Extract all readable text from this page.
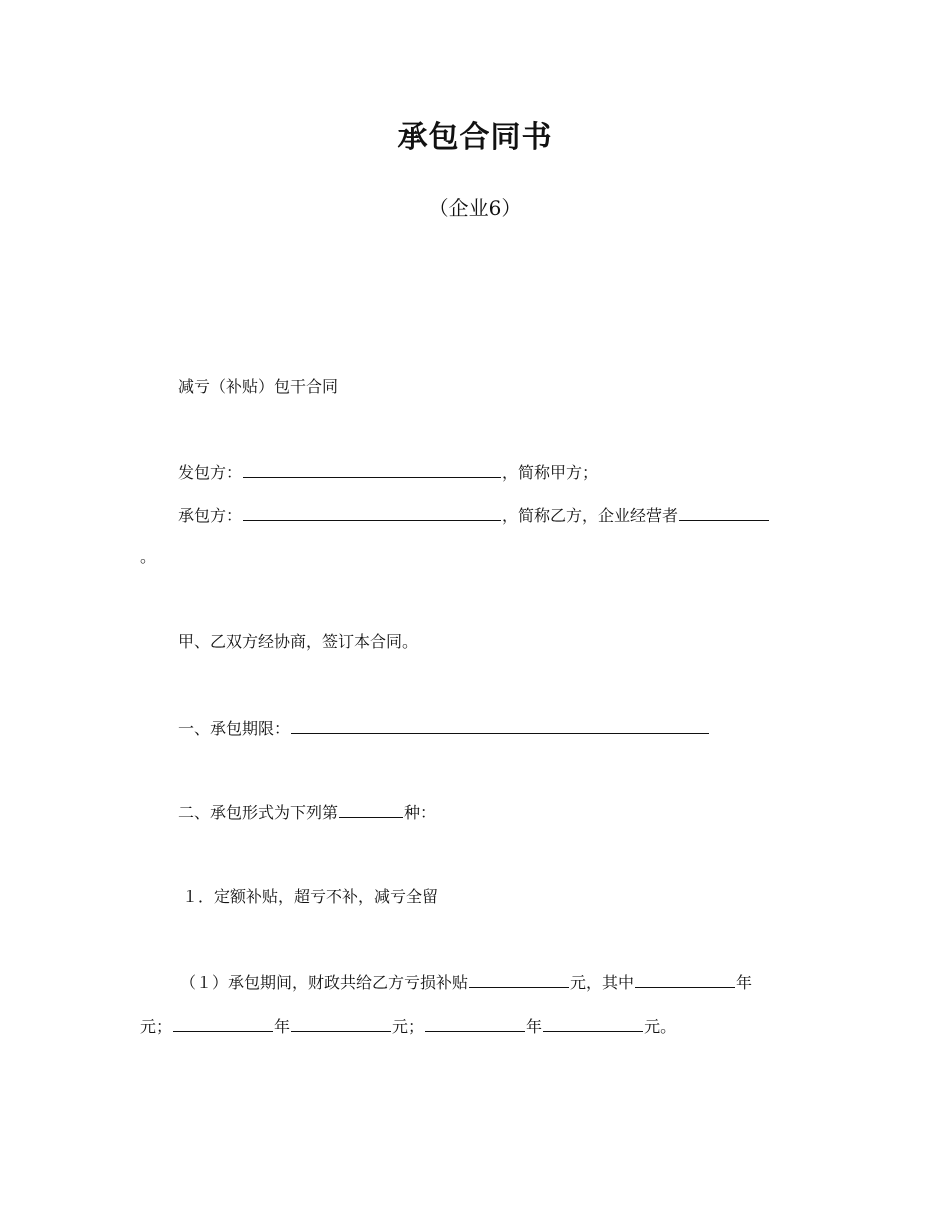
承包合同书
（企业6）
减亏（补贴）包干合同
发包方：	，简称甲方；
承包方：	，简称乙方，企业经营者
。
甲、乙双方经协商，签订本合同。
一、承包期限：
二、承包形式为下列第	种：
１．定额补贴，超亏不补，减亏全留
（１）承包期间，财政共给乙方亏损补贴	元，其中	年
元；	年	元；	年	元。
